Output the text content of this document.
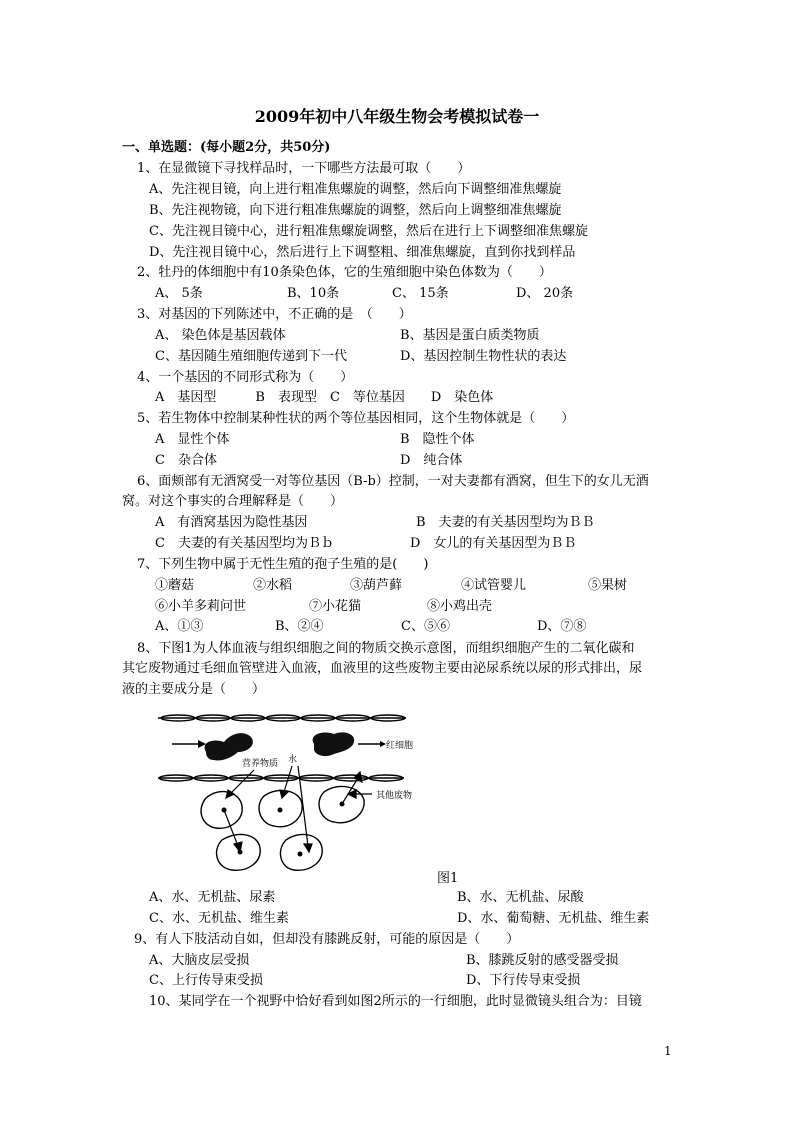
2009年初中八年级生物会考模拟试卷一
一、单选题：(每小题2分，共50分)
1、在显微镜下寻找样品时，一下哪些方法最可取（　　）
A、先注视目镜，向上进行粗准焦螺旋的调整，然后向下调整细准焦螺旋
B、先注视物镜，向下进行粗准焦螺旋的调整，然后向上调整细准焦螺旋
C、先注视目镜中心，进行粗准焦螺旋调整，然后在进行上下调整细准焦螺旋
D、先注视目镜中心，然后进行上下调整粗、细准焦螺旋，直到你找到样品
2、牡丹的体细胞中有10条染色体，它的生殖细胞中染色体数为（　　）
A、 5条	B、10条	C、 15条	D、 20条
3、对基因的下列陈述中，不正确的是　（　　）
A、 染色体是基因载体	B、基因是蛋白质类物质
C、基因随生殖细胞传递到下一代	D、基因控制生物性状的表达
4、一个基因的不同形式称为（　　）
A　基因型　　　B　表现型　C　等位基因　　D　染色体
5、若生物体中控制某种性状的两个等位基因相同，这个生物体就是（　　）
A　显性个体	B　隐性个体
C　杂合体	D　纯合体
6、面颊部有无酒窝受一对等位基因（B-b）控制，一对夫妻都有酒窝，但生下的女儿无酒
窝。对这个事实的合理解释是（　　）
A　有酒窝基因为隐性基因	B　夫妻的有关基因型均为ＢＢ
C　夫妻的有关基因型均为Ｂｂ	D　女儿的有关基因型为ＢＢ
7、下列生物中属于无性生殖的孢子生殖的是(　　)
①蘑菇	②水稻	③葫芦藓	④试管婴儿	⑤果树
⑥小羊多莉问世	⑦小花猫	⑧小鸡出壳
A、①③	B、②④	C、⑤⑥	D、⑦⑧
8、下图1为人体血液与组织细胞之间的物质交换示意图，而组织细胞产生的二氧化碳和
其它废物通过毛细血管壁进入血液，血液里的这些废物主要由泌尿系统以尿的形式排出，尿
液的主要成分是（　　）
红细胞
营养物质 水
其他废物
图1
A、水、无机盐、尿素	B、水、无机盐、尿酸
C、水、无机盐、维生素	D、水、葡萄糖、无机盐、维生素
9、有人下肢活动自如，但却没有膝跳反射，可能的原因是（　　）
A、大脑皮层受损	B、膝跳反射的感受器受损
C、上行传导束受损	D、下行传导束受损
10、某同学在一个视野中恰好看到如图2所示的一行细胞，此时显微镜头组合为：目镜
1
